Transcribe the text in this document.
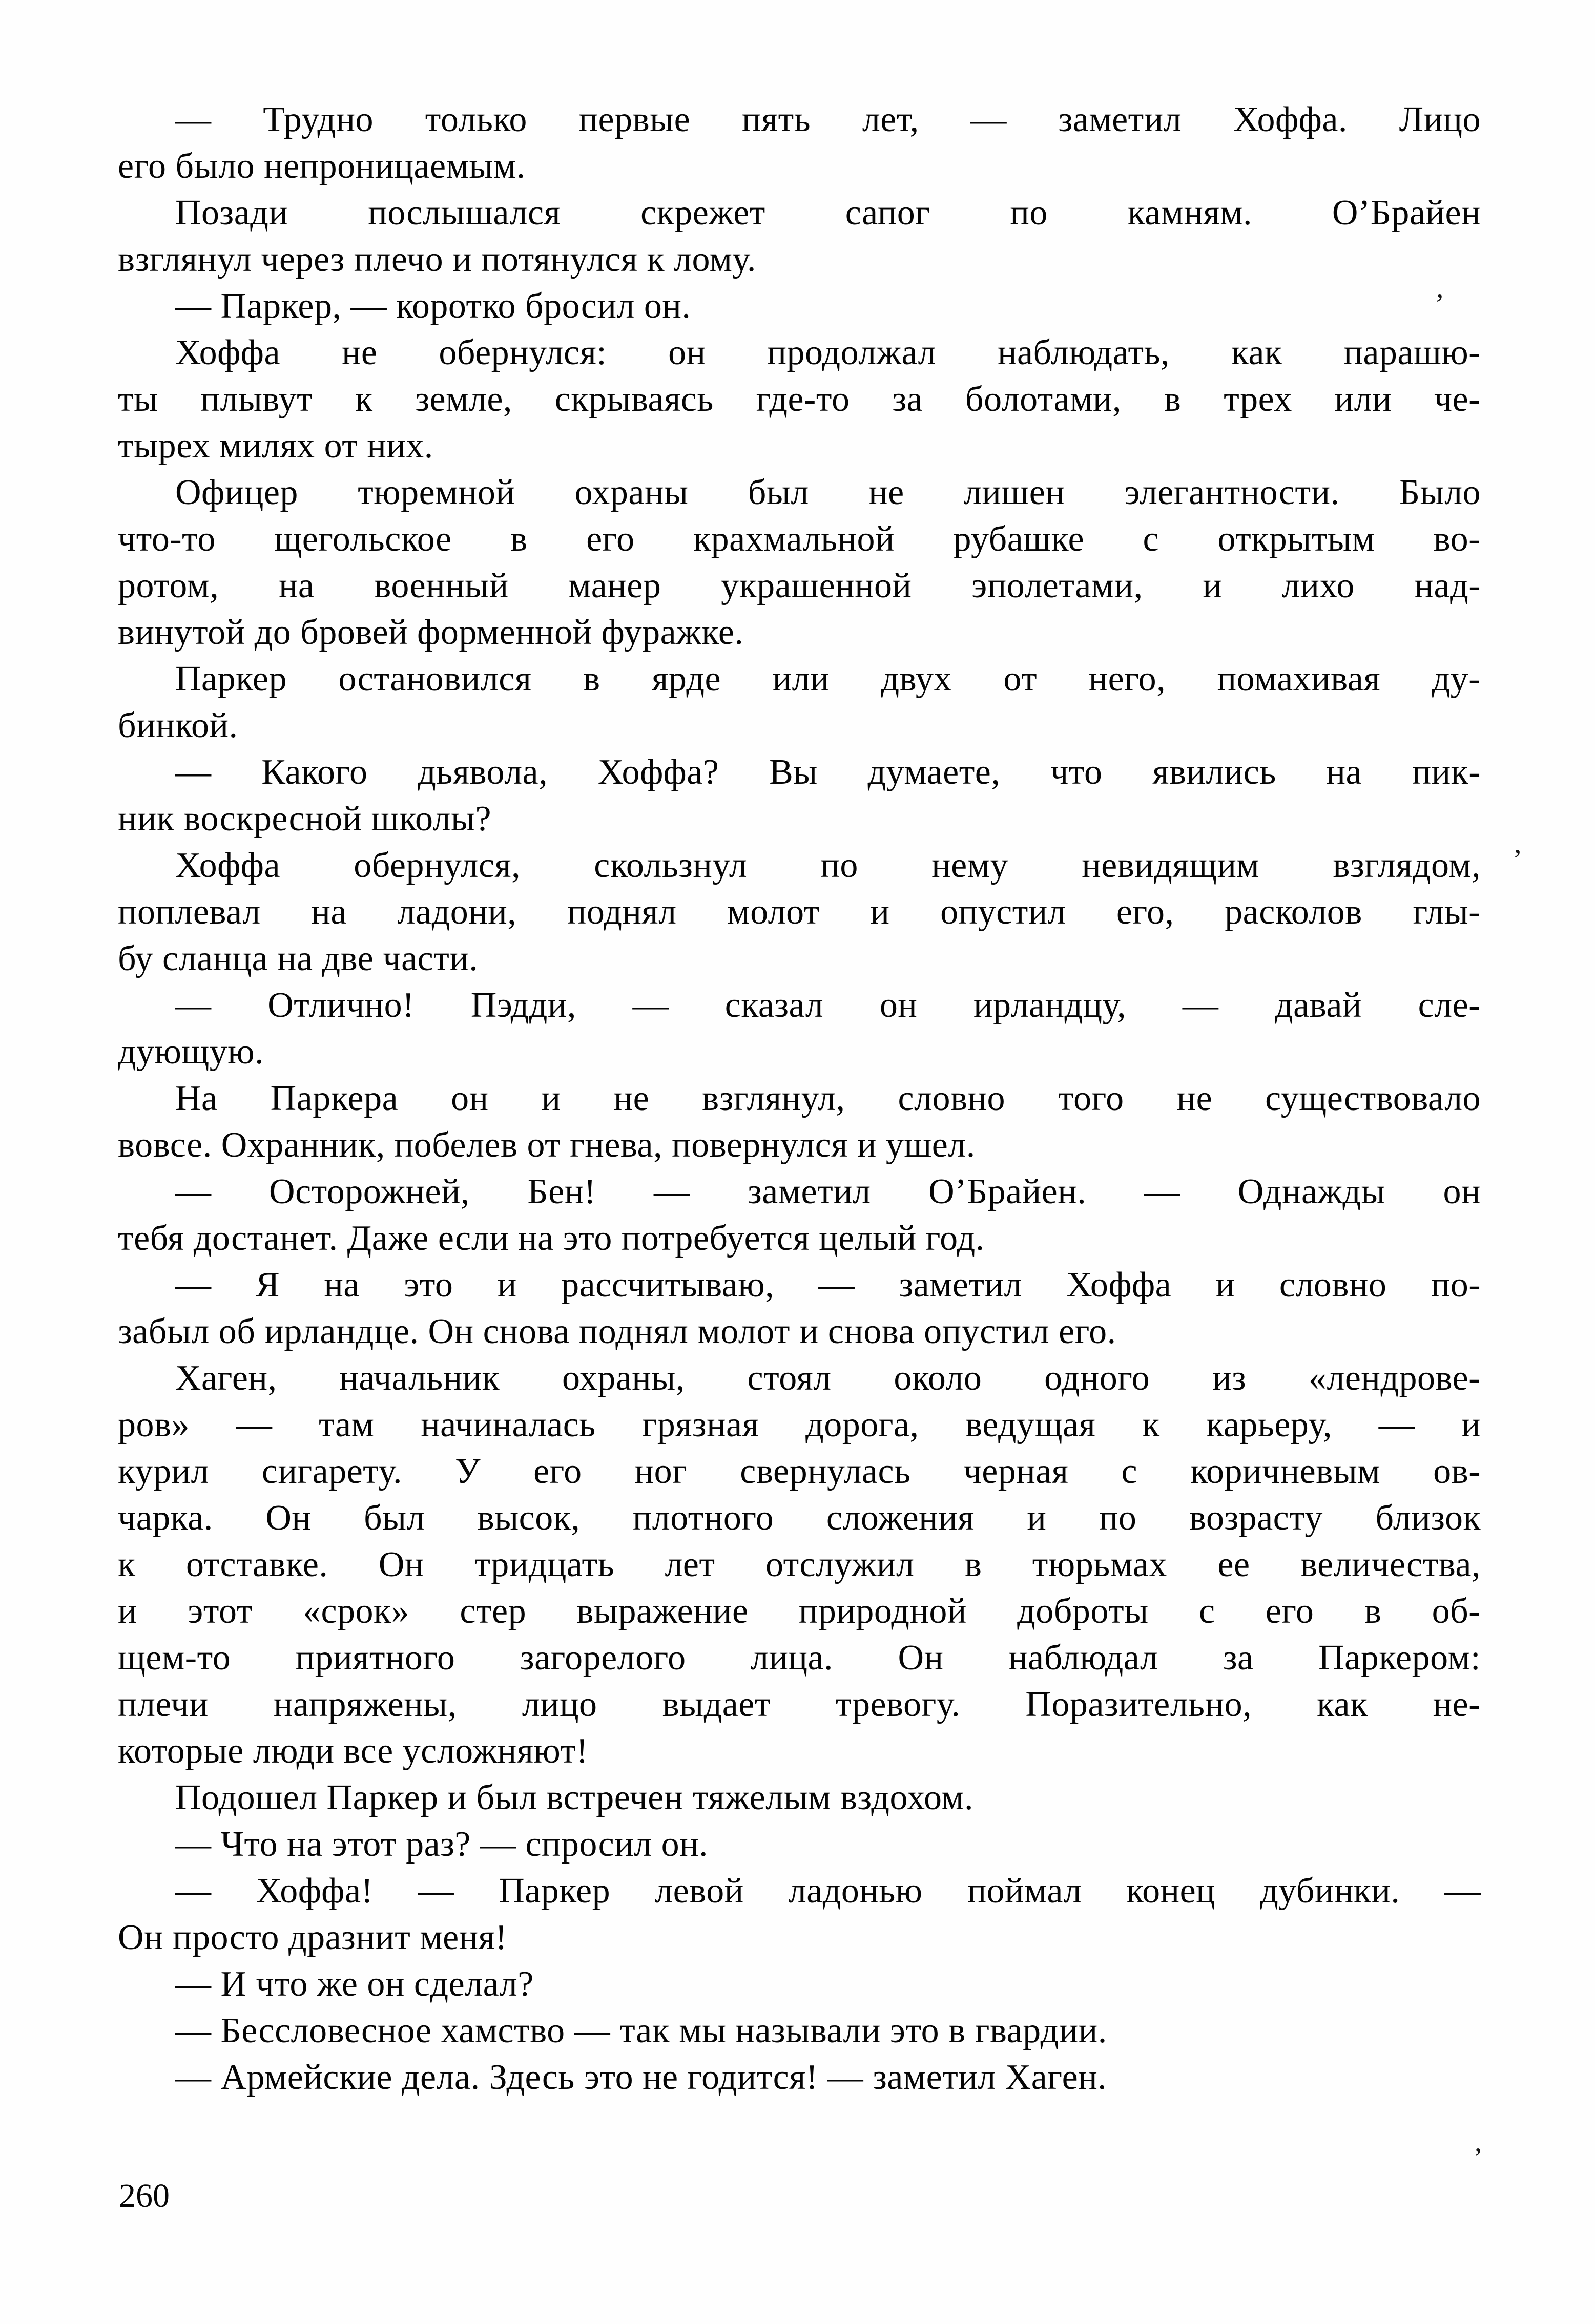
— Трудно только первые пять лет, — заметил Хоффа. Лицо
его было непроницаемым.
Позади послышался скрежет сапог по камням. О’Брайен
взглянул через плечо и потянулся к лому.
— Паркер, — коротко бросил он.
Хоффа не обернулся: он продолжал наблюдать, как парашю-
ты плывут к земле, скрываясь где-то за болотами, в трех или че-
тырех милях от них.
Офицер тюремной охраны был не лишен элегантности. Было
что-то щегольское в его крахмальной рубашке с открытым во-
ротом, на военный манер украшенной эполетами, и лихо над-
винутой до бровей форменной фуражке.
Паркер остановился в ярде или двух от него, помахивая ду-
бинкой.
— Какого дьявола, Хоффа? Вы думаете, что явились на пик-
ник воскресной школы?
Хоффа обернулся, скользнул по нему невидящим взглядом,
поплевал на ладони, поднял молот и опустил его, расколов глы-
бу сланца на две части.
— Отлично! Пэдди, — сказал он ирландцу, — давай сле-
дующую.
На Паркера он и не взглянул, словно того не существовало
вовсе. Охранник, побелев от гнева, повернулся и ушел.
— Осторожней, Бен! — заметил О’Брайен. — Однажды он
тебя достанет. Даже если на это потребуется целый год.
— Я на это и рассчитываю, — заметил Хоффа и словно по-
забыл об ирландце. Он снова поднял молот и снова опустил его.
Хаген, начальник охраны, стоял около одного из «лендрове-
ров» — там начиналась грязная дорога, ведущая к карьеру, — и
курил сигарету. У его ног свернулась черная с коричневым ов-
чарка. Он был высок, плотного сложения и по возрасту близок
к отставке. Он тридцать лет отслужил в тюрьмах ее величества,
и этот «срок» стер выражение природной доброты с его в об-
щем-то приятного загорелого лица. Он наблюдал за Паркером:
плечи напряжены, лицо выдает тревогу. Поразительно, как не-
которые люди все усложняют!
Подошел Паркер и был встречен тяжелым вздохом.
— Что на этот раз? — спросил он.
— Хоффа! — Паркер левой ладонью поймал конец дубинки. —
Он просто дразнит меня!
— И что же он сделал?
— Бессловесное хамство — так мы называли это в гвардии.
— Армейские дела. Здесь это не годится! — заметил Хаген.
260
’
,
’
